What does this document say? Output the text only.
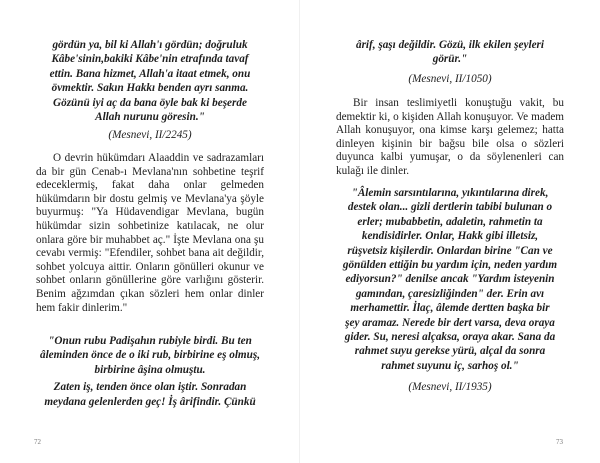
gördün ya, bil ki Allah'ı gördün; doğruluk
Kâbe'sinin,bakiki Kâbe'nin etrafında tavaf
ettin. Bana hizmet, Allah'a itaat etmek, onu
övmektir. Sakın Hakkı benden ayrı sanma.
Gözünü iyi aç da bana öyle bak ki beşerde
Allah nurunu göresin."
(Mesnevi, II/2245)
O devrin hükümdarı Alaaddin ve sadrazamları da bir gün Cenab-ı Mevlana'nın sohbetine teşrif edeceklermiş, fakat daha onlar gelmeden hükümdarın bir dostu gelmiş ve Mevlana'ya şöyle buyurmuş: "Ya Hüdavendigar Mevlana, bugün hükümdar sizin sohbetinize katılacak, ne olur onlara göre bir muhabbet aç." İşte Mevlana ona şu cevabı vermiş: "Efendiler, sohbet bana ait değildir, sohbet yolcuya aittir. Onların gönülleri okunur ve sohbet onların gönüllerine göre varlığını gösterir. Benim ağzımdan çıkan sözleri hem onlar dinler hem fakir dinlerim."
"Onun rubu Padişahın rubiyle birdi. Bu ten
âleminden önce de o iki rub, birbirine eş olmuş,
birbirine âşina olmuştu.
Zaten iş, tenden önce olan iştir. Sonradan
meydana gelenlerden geç! İş ârifindir. Çünkü
72
ârif, şaşı değildir. Gözü, ilk ekilen şeyleri
görür."
(Mesnevi, II/1050)
Bir insan teslimiyetli konuştuğu vakit, bu demektir ki, o kişiden Allah konuşuyor. Ve madem Allah konuşuyor, ona kimse karşı gelemez; hatta dinleyen kişinin bir bağsu bile olsa o sözleri duyunca kalbi yumuşar, o da söylenenleri can kulağı ile dinler.
"Âlemin sarsıntılarına, yıkıntılarına direk,
destek olan... gizli dertlerin tabibi bulunan o
erler; mubabbetin, adaletin, rahmetin ta
kendisidirler. Onlar, Hakk gibi illetsiz,
rüşvetsiz kişilerdir. Onlardan birine "Can ve
gönülden ettiğin bu yardım için, neden yardım
ediyorsun?" denilse ancak "Yardım isteyenin
gamından, çaresizliğinden" der. Erin avı
merhamettir. İlaç, âlemde dertten başka bir
şey aramaz. Nerede bir dert varsa, deva oraya
gider. Su, neresi alçaksa, oraya akar. Sana da
rahmet suyu gerekse yürü, alçal da sonra
rahmet suyunu iç, sarhoş ol."
(Mesnevi, II/1935)
73
